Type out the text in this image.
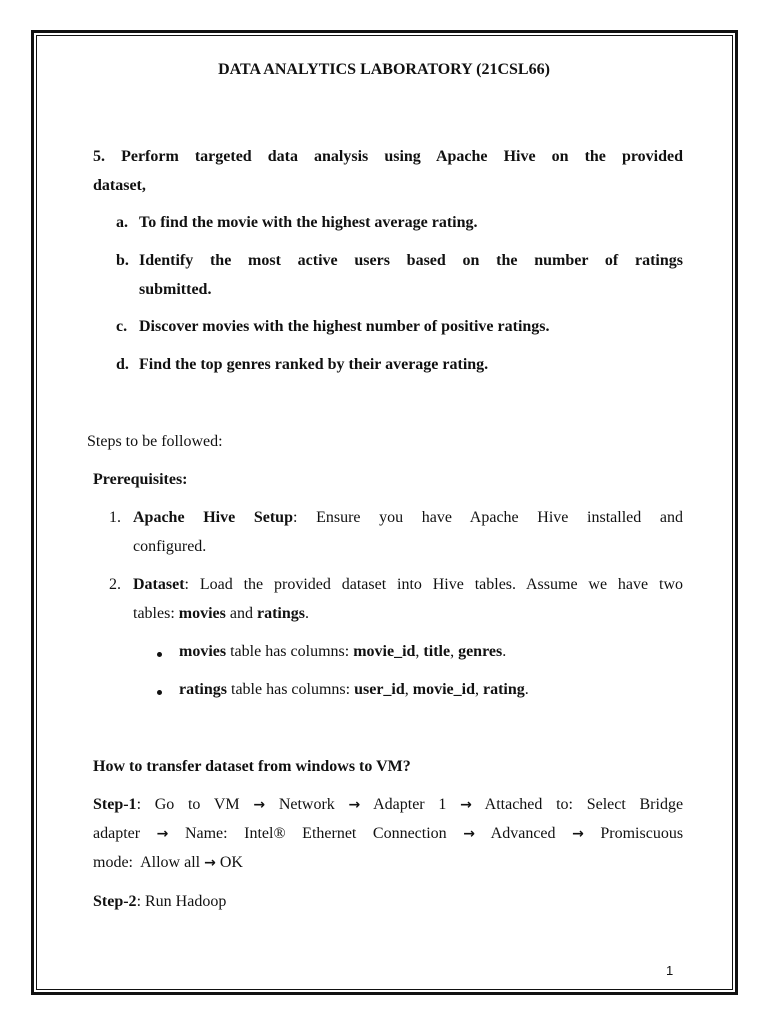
DATA ANALYTICS LABORATORY (21CSL66)
5. Perform targeted data analysis using Apache Hive on the provided
dataset,
a. To find the movie with the highest average rating.
b. Identify the most active users based on the number of ratings
submitted.
c. Discover movies with the highest number of positive ratings.
d. Find the top genres ranked by their average rating.
Steps to be followed:
Prerequisites:
1. Apache Hive Setup: Ensure you have Apache Hive installed and
configured.
2. Dataset: Load the provided dataset into Hive tables. Assume we have two
tables: movies and ratings.
movies table has columns: movie_id, title, genres.
ratings table has columns: user_id, movie_id, rating.
How to transfer dataset from windows to VM?
Step-1: Go to VM → Network → Adapter 1 → Attached to: Select Bridge
adapter → Name: Intel® Ethernet Connection → Advanced → Promiscuous
mode:  Allow all → OK
Step-2: Run Hadoop
1
